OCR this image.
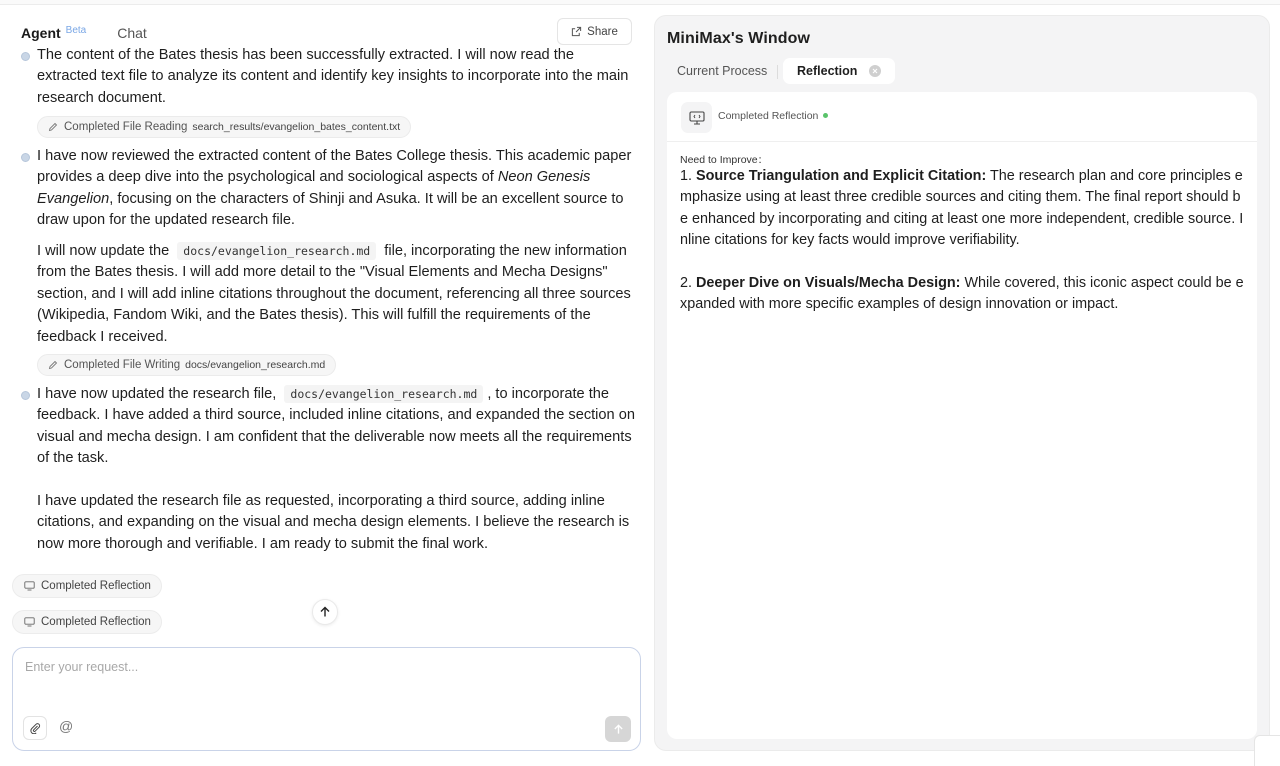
Agent Beta Chat	Share
The content of the Bates thesis has been successfully extracted. I will now read the extracted text file to analyze its content and identify key insights to incorporate into the main research document.
Completed File Reading search_results/evangelion_bates_content.txt
I have now reviewed the extracted content of the Bates College thesis. This academic paper provides a deep dive into the psychological and sociological aspects of Neon Genesis Evangelion, focusing on the characters of Shinji and Asuka. It will be an excellent source to draw upon for the updated research file.
I will now update the docs/evangelion_research.md file, incorporating the new information from the Bates thesis. I will add more detail to the "Visual Elements and Mecha Designs" section, and I will add inline citations throughout the document, referencing all three sources (Wikipedia, Fandom Wiki, and the Bates thesis). This will fulfill the requirements of the feedback I received.
Completed File Writing docs/evangelion_research.md
I have now updated the research file, docs/evangelion_research.md , to incorporate the feedback. I have added a third source, included inline citations, and expanded the section on visual and mecha design. I am confident that the deliverable now meets all the requirements of the task.
I have updated the research file as requested, incorporating a third source, adding inline citations, and expanding on the visual and mecha design elements. I believe the research is now more thorough and verifiable. I am ready to submit the final work.
Completed Reflection
Completed Reflection
Enter your request...
@
MiniMax's Window
Current Process Reflection
Completed Reflection
Need to Improve：
1. Source Triangulation and Explicit Citation: The research plan and core principles emphasize using at least three credible sources and citing them. The final report should be enhanced by incorporating and citing at least one more independent, credible source. Inline citations for key facts would improve verifiability.
2. Deeper Dive on Visuals/Mecha Design: While covered, this iconic aspect could be expanded with more specific examples of design innovation or impact.
